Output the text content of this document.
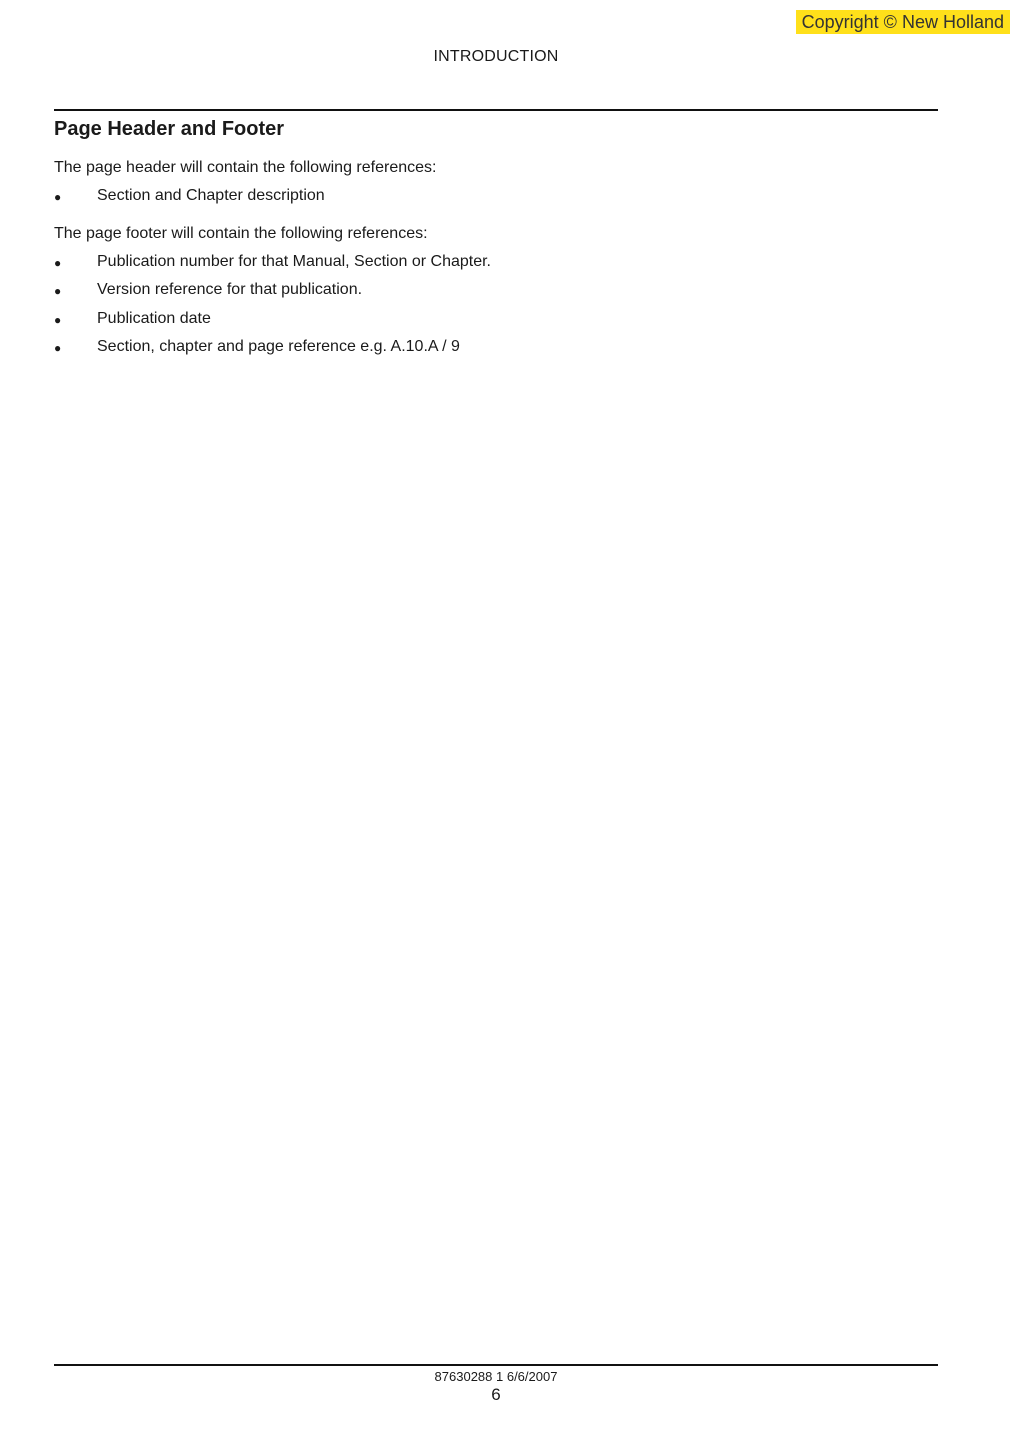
Copyright © New Holland
INTRODUCTION
Page Header and Footer

The page header will contain the following references:

● Section and Chapter description

The page footer will contain the following references:

● Publication number for that Manual, Section or Chapter.
● Version reference for that publication.
● Publication date
● Section, chapter and page reference e.g. A.10.A / 9
87630288 1 6/6/2007
6
